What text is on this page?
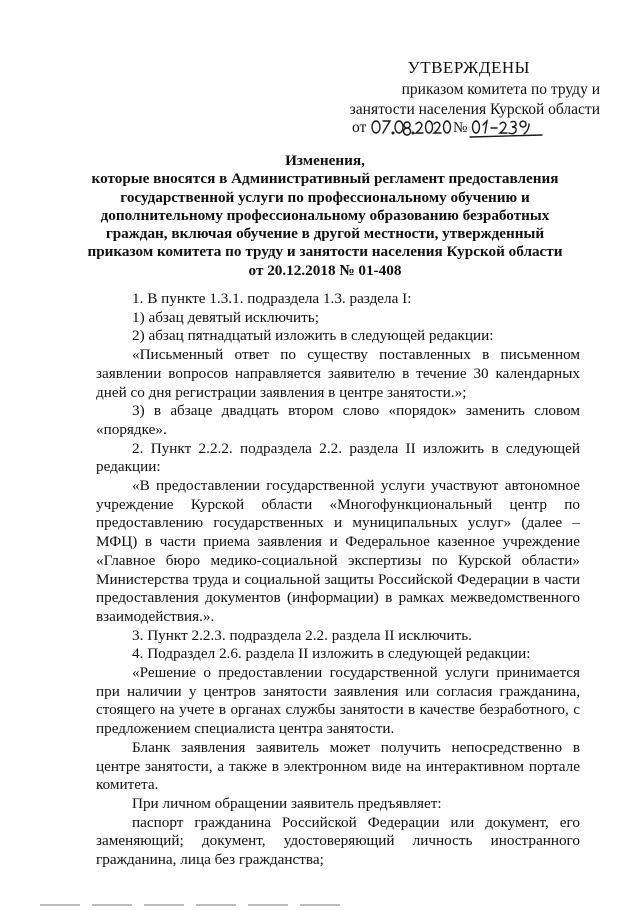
УТВЕРЖДЕНЫ
приказом комитета по труду и
занятости населения Курской области
от	№
Изменения,
которые вносятся в Административный регламент предоставления
государственной услуги по профессиональному обучению и
дополнительному профессиональному образованию безработных
граждан, включая обучение в другой местности, утвержденный
приказом комитета по труду и занятости населения Курской области
от 20.12.2018 № 01-408

1. В пункте 1.3.1. подраздела 1.3. раздела I:

1) абзац девятый исключить;

2) абзац пятнадцатый изложить в следующей редакции:

«Письменный ответ по существу поставленных в письменном заявлении вопросов направляется заявителю в течение 30 календарных дней со дня регистрации заявления в центре занятости.»;

3) в абзаце двадцать втором слово «порядок» заменить словом «порядке».

2. Пункт 2.2.2. подраздела 2.2. раздела II изложить в следующей редакции:

«В предоставлении государственной услуги участвуют автономное учреждение Курской области «Многофункциональный центр по предоставлению государственных и муниципальных услуг» (далее – МФЦ) в части приема заявления и Федеральное казенное учреждение «Главное бюро медико-социальной экспертизы по Курской области» Министерства труда и социальной защиты Российской Федерации в части предоставления документов (информации) в рамках межведомственного взаимодействия.».

3. Пункт 2.2.3. подраздела 2.2. раздела II исключить.

4. Подраздел 2.6. раздела II изложить в следующей редакции:

«Решение о предоставлении государственной услуги принимается при наличии у центров занятости заявления или согласия гражданина, стоящего на учете в органах службы занятости в качестве безработного, с предложением специалиста центра занятости.

Бланк заявления заявитель может получить непосредственно в центре занятости, а также в электронном виде на интерактивном портале комитета.

При личном обращении заявитель предъявляет:

паспорт гражданина Российской Федерации или документ, его заменяющий; документ, удостоверяющий личность иностранного гражданина, лица без гражданства;
